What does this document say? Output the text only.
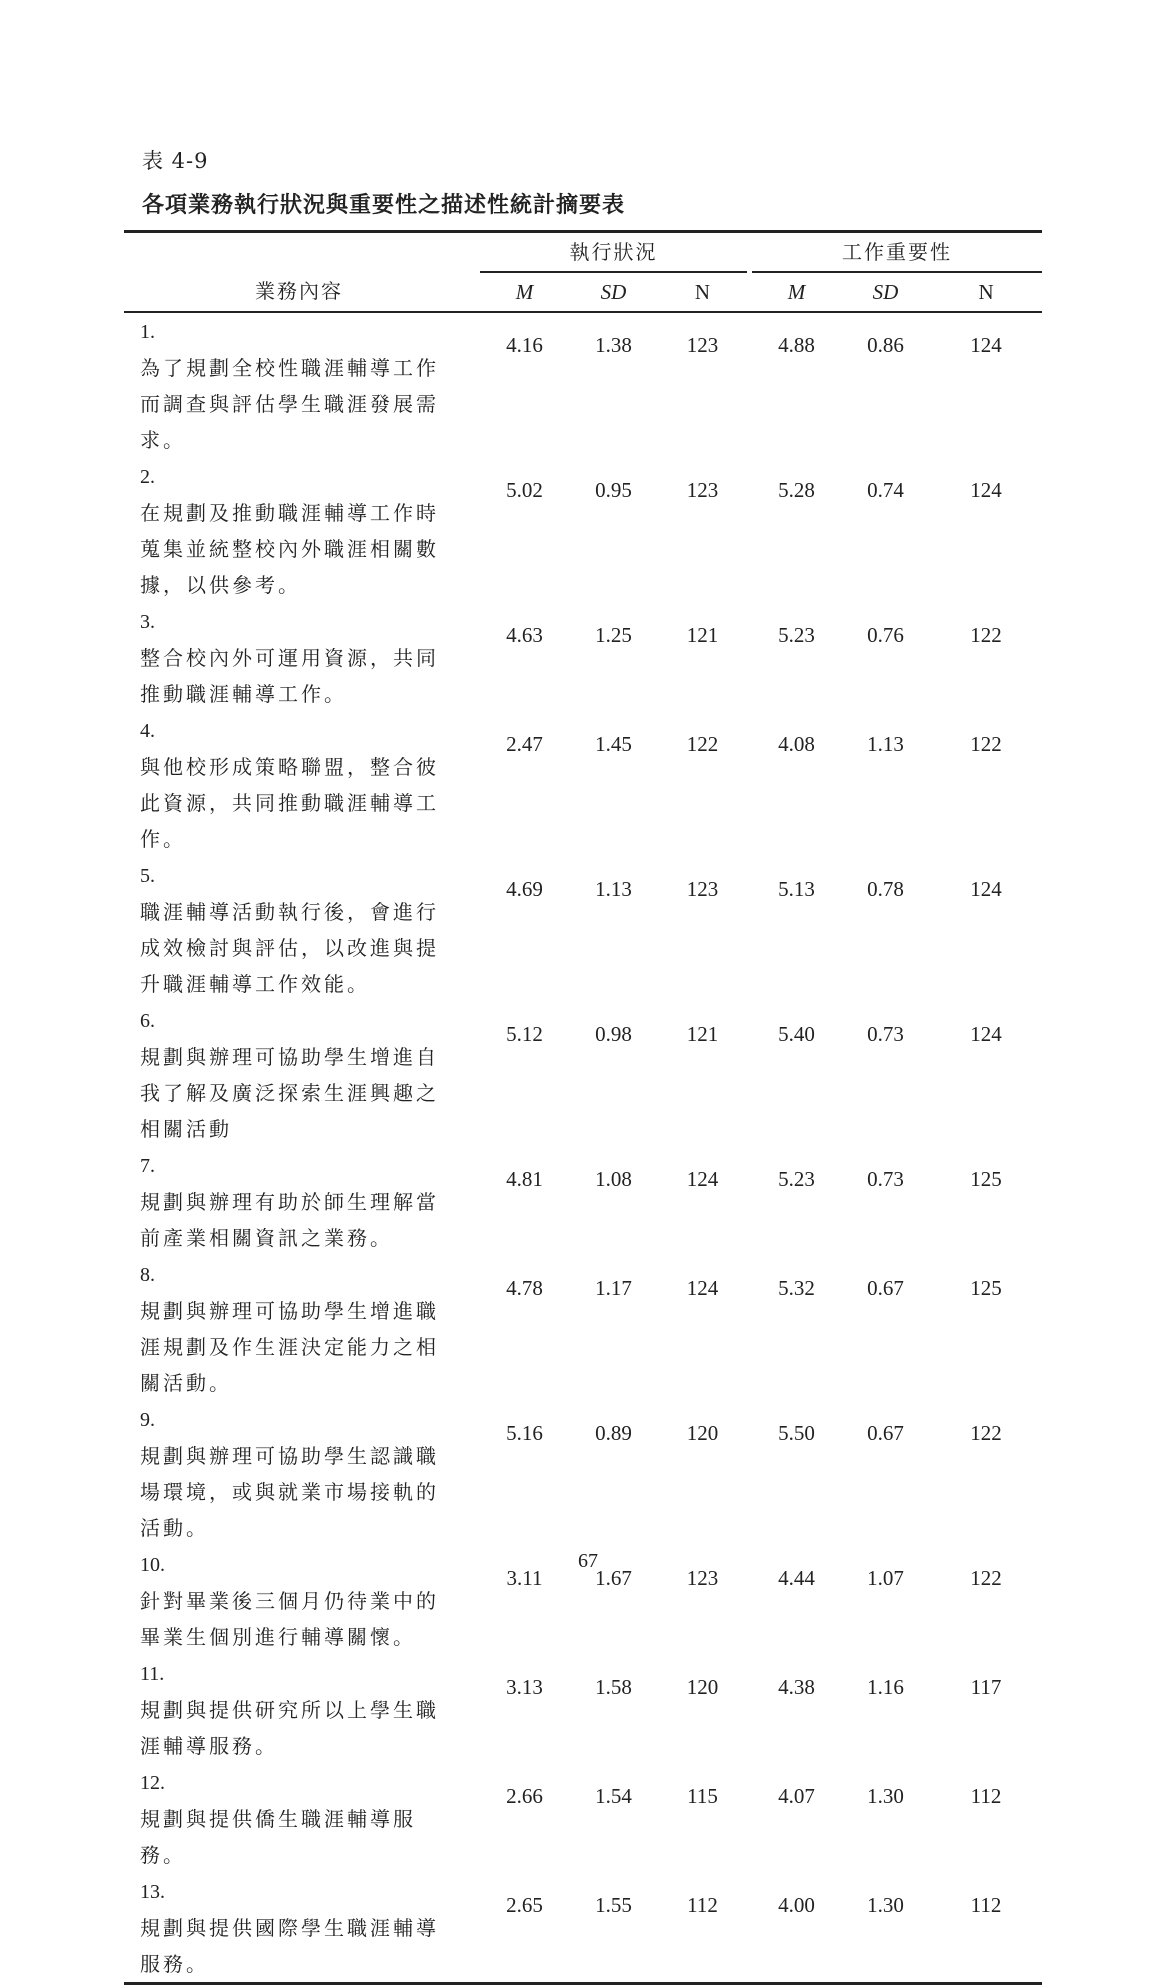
表 4-9
各項業務執行狀況與重要性之描述性統計摘要表
		執行狀況				工作重要性		
業務內容		M	SD	N		M	SD	N
1.為了規劃全校性職涯輔導工作而調查與評估學生職涯發展需求。		4.16	1.38	123		4.88	0.86	124
2.在規劃及推動職涯輔導工作時蒐集並統整校內外職涯相關數據，以供參考。		5.02	0.95	123		5.28	0.74	124
3.整合校內外可運用資源，共同推動職涯輔導工作。		4.63	1.25	121		5.23	0.76	122
4.與他校形成策略聯盟，整合彼此資源，共同推動職涯輔導工作。		2.47	1.45	122		4.08	1.13	122
5.職涯輔導活動執行後，會進行成效檢討與評估，以改進與提升職涯輔導工作效能。		4.69	1.13	123		5.13	0.78	124
6.規劃與辦理可協助學生增進自我了解及廣泛探索生涯興趣之相關活動		5.12	0.98	121		5.40	0.73	124
7.規劃與辦理有助於師生理解當前產業相關資訊之業務。		4.81	1.08	124		5.23	0.73	125
8.規劃與辦理可協助學生增進職涯規劃及作生涯決定能力之相關活動。		4.78	1.17	124		5.32	0.67	125
9.規劃與辦理可協助學生認識職場環境，或與就業市場接軌的活動。		5.16	0.89	120		5.50	0.67	122
10.針對畢業後三個月仍待業中的畢業生個別進行輔導關懷。		3.11	1.67	123		4.44	1.07	122
11.規劃與提供研究所以上學生職涯輔導服務。		3.13	1.58	120		4.38	1.16	117
12.規劃與提供僑生職涯輔導服務。		2.66	1.54	115		4.07	1.30	112
13.規劃與提供國際學生職涯輔導服務。		2.65	1.55	112		4.00	1.30	112
67
